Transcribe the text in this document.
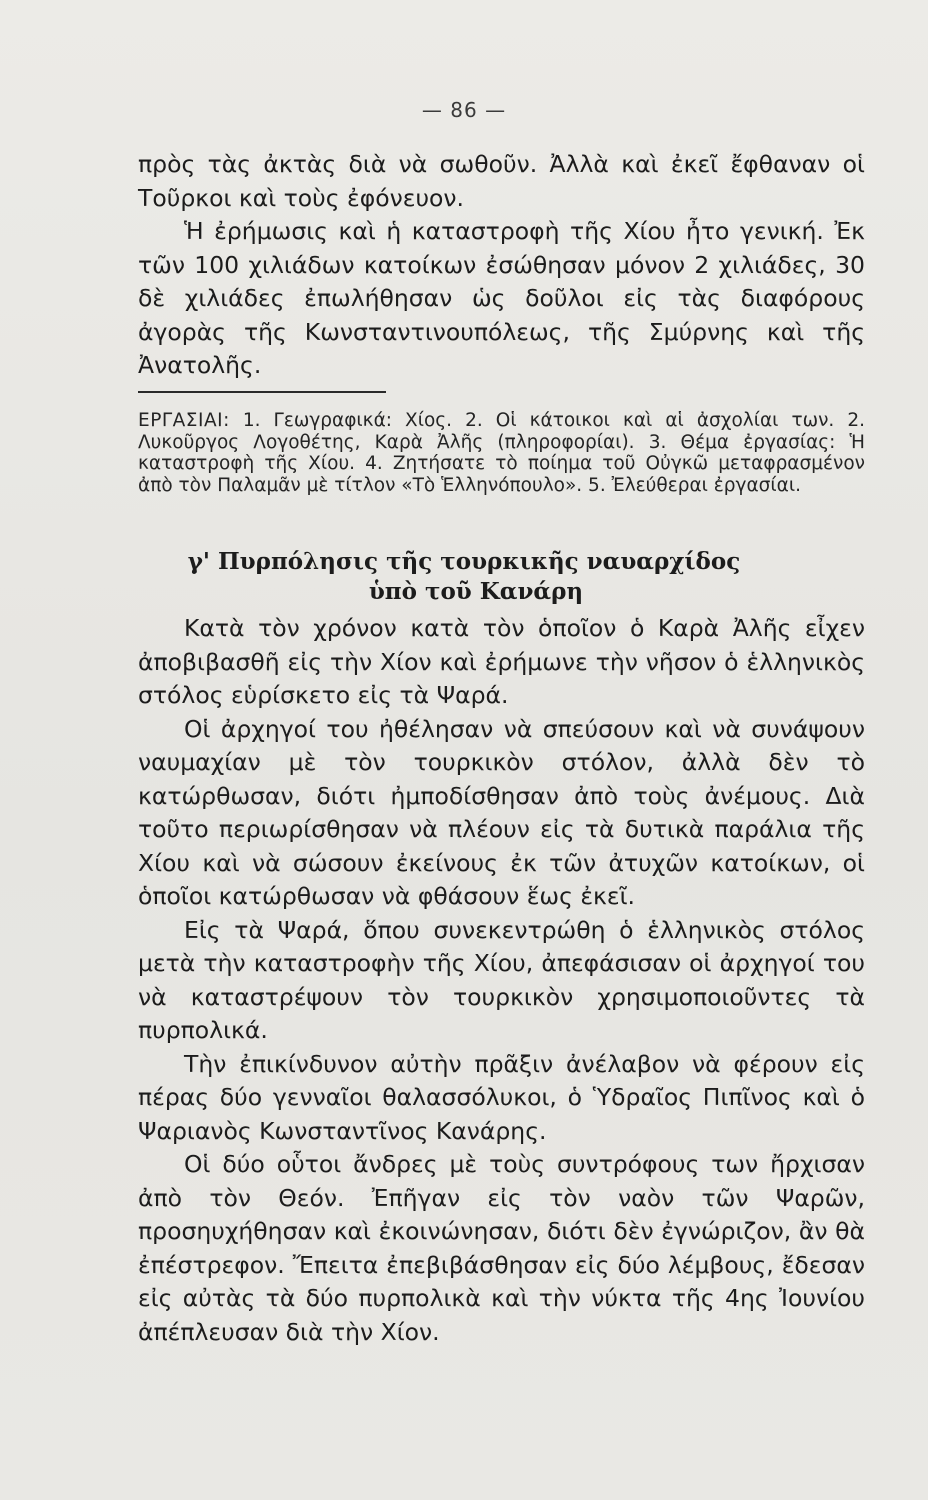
— 86 —

πρὸς τὰς ἀκτὰς διὰ νὰ σωθοῦν. Ἀλλὰ καὶ ἐκεῖ ἔφθαναν οἱ Τοῦρκοι καὶ τοὺς ἐφόνευον.

Ἡ ἐρήμωσις καὶ ἡ καταστροφὴ τῆς Χίου ἦτο γενική. Ἐκ τῶν 100 χιλιάδων κατοίκων ἐσώθησαν μόνον 2 χιλιάδες, 30 δὲ χιλιάδες ἐπωλήθησαν ὡς δοῦλοι εἰς τὰς διαφόρους ἀγορὰς τῆς Κωνσταντινουπόλεως, τῆς Σμύρνης καὶ τῆς Ἀνατολῆς.

ΕΡΓΑΣΙΑΙ: 1. Γεωγραφικά: Χίος. 2. Οἱ κάτοικοι καὶ αἱ ἀσχολίαι των. 2. Λυκοῦργος Λογοθέτης, Καρὰ Ἀλῆς (πληροφορίαι). 3. Θέμα ἐργασίας: Ἡ καταστροφὴ τῆς Χίου. 4. Ζητήσατε τὸ ποίημα τοῦ Οὐγκῶ μεταφρασμένον ἀπὸ τὸν Παλαμᾶν μὲ τίτλον «Τὸ Ἑλληνόπουλο». 5. Ἐλεύθεραι ἐργασίαι.

γ' Πυρπόλησις τῆς τουρκικῆς ναυαρχίδος
ὑπὸ τοῦ Κανάρη

Κατὰ τὸν χρόνον κατὰ τὸν ὁποῖον ὁ Καρὰ Ἀλῆς εἶχεν ἀποβιβασθῆ εἰς τὴν Χίον καὶ ἐρήμωνε τὴν νῆσον ὁ ἑλληνικὸς στόλος εὑρίσκετο εἰς τὰ Ψαρά.

Οἱ ἀρχηγοί του ἠθέλησαν νὰ σπεύσουν καὶ νὰ συνάψουν ναυμαχίαν μὲ τὸν τουρκικὸν στόλον, ἀλλὰ δὲν τὸ κατώρθωσαν, διότι ἠμποδίσθησαν ἀπὸ τοὺς ἀνέμους. Διὰ τοῦτο περιωρίσθησαν νὰ πλέουν εἰς τὰ δυτικὰ παράλια τῆς Χίου καὶ νὰ σώσουν ἐκείνους ἐκ τῶν ἀτυχῶν κατοίκων, οἱ ὁποῖοι κατώρθωσαν νὰ φθάσουν ἕως ἐκεῖ.

Εἰς τὰ Ψαρά, ὅπου συνεκεντρώθη ὁ ἑλληνικὸς στόλος μετὰ τὴν καταστροφὴν τῆς Χίου, ἀπεφάσισαν οἱ ἀρχηγοί του νὰ καταστρέψουν τὸν τουρκικὸν χρησιμοποιοῦντες τὰ πυρπολικά.

Τὴν ἐπικίνδυνον αὐτὴν πρᾶξιν ἀνέλαβον νὰ φέρουν εἰς πέρας δύο γενναῖοι θαλασσόλυκοι, ὁ Ὑδραῖος Πιπῖνος καὶ ὁ Ψαριανὸς Κωνσταντῖνος Κανάρης.

Οἱ δύο οὗτοι ἄνδρες μὲ τοὺς συντρόφους των ἤρχισαν ἀπὸ τὸν Θεόν. Ἐπῆγαν εἰς τὸν ναὸν τῶν Ψαρῶν, προσηυχήθησαν καὶ ἐκοινώνησαν, διότι δὲν ἐγνώριζον, ἂν θὰ ἐπέστρεφον. Ἔπειτα ἐπεβιβάσθησαν εἰς δύο λέμβους, ἔδεσαν εἰς αὐτὰς τὰ δύο πυρπολικὰ καὶ τὴν νύκτα τῆς 4ης Ἰουνίου ἀπέπλευσαν διὰ τὴν Χίον.
